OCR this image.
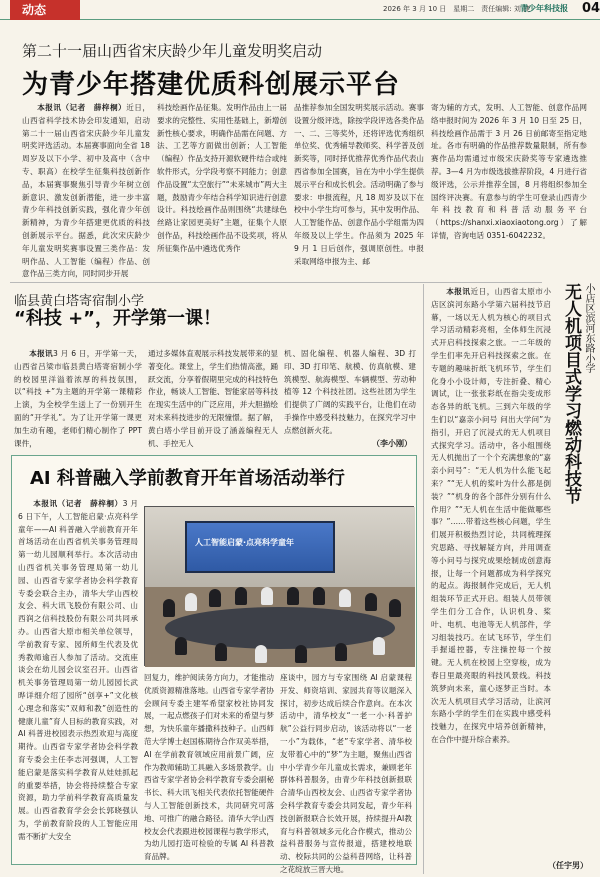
动态	2026 年 3 月 10 日　星期二　责任编辑: 刘 捷
青少年科技报 04
第二十一届山西省宋庆龄少年儿童发明奖启动
为青少年搭建优质科创展示平台

本报讯（记者　薛梓桐）近日，山西省科学技术协会印发通知，启动第二十一届山西省宋庆龄少年儿童发明奖评选活动。本届赛事面向全省 18 周岁及以下小学、初中及高中（含中专、职高）在校学生征集科技创新作品，本届赛事聚焦引导青少年树立创新意识、激发创新潜能，进一步丰富青少年科技创新实践，强化青少年创新精神，为青少年搭建更优质的科技创新展示平台。据悉，此次宋庆龄少年儿童发明奖赛事设置三类作品：发明作品、人工智能（编程）作品、创意作品三类方向，同时同步开展

科技绘画作品征集。发明作品由上一届要求的完整性、实用性基础上，新增创新性核心要求，明确作品需在问题、方法、工艺等方面做出创新；人工智能（编程）作品支持开源软硬件结合或纯软件形式，分学段考察不同能力；创意作品设置“太空旅行”“未来城市”两大主题，鼓励青少年结合科学知识进行创意设计。科技绘画作品则围绕“共建绿色丝路让家园更美好”主题，征集个人原创作品，科技绘画作品不设奖项，将从所征集作品中遴选优秀作

品推荐参加全国发明奖展示活动。赛事设置分级评选，除按学段评选各类作品一、二、三等奖外，还将评选优秀组织单位奖、优秀辅导教师奖、科学普及创新奖等，同时择优推荐优秀作品代表山西省参加全国赛，旨在为中小学生提供展示平台和成长机会。活动明确了参与要求：申报流程，凡 18 周岁及以下在校中小学生均可参与，其中发明作品、人工智能作品、创意作品小学组需为四年级及以上学生。作品须为 2025 年 9 月 1 日后创作，强调原创性。申报采取网络申报为主、邮

寄为辅的方式，发明、人工智能、创意作品网络申报时间为 2026 年 3 月 10 日至 25 日，科技绘画作品需于 3 月 26 日前邮寄至指定地址。各市有明确的作品推荐数量限制，所有参赛作品均需通过市级宋庆龄奖等专家遴选推荐。3—4 月为市级选拔推荐阶段，4 月进行省级评选，公示并推荐全国，8 月将组织参加全国终评决赛。有意参与的学生可登录山西青少年科技教育和科普活动服务平台（https://shanxi.xiaoxiaotong.org）了解详情，咨询电话 0351-6042232。

临县黄白塔寄宿制小学
“科技 +”，开学第一课！

本报讯3 月 6 日，开学第一天，山西省吕梁市临县黄白塔寄宿制小学的校园里洋溢着浓厚的科技氛围，以“科技 +”为主题的开学第一课精彩上演，为全校学生送上了一份别开生面的“开学礼”。为了让开学第一课更加生动有趣，老师们精心制作了 PPT 课件，

通过多媒体直观展示科技发展带来的显著变化。课堂上，学生们热情高涨，踊跃交流，分享着假期里完成的科技特色作业，畅谈人工智能、智能家居等科技在现实生活中的广泛应用，并大胆描绘对未来科技进步的无限憧憬。据了解，黄白塔小学目前开设了涵盖编程无人机、手控无人

机、固化编程、机器人编程、3D 打印、3D 打印笔、航模、仿真航模、建筑模型、航海模型、车辆模型、劳动种植等 12 个科技社团。这些社团为学生们提供了广阔的实践平台，让他们在动手操作中感受科技魅力，在探究学习中点燃创新火花。

（李小刚）
小店区滨河东路小学
无人机项目式学习燃动科技节

本报讯近日，山西省太原市小店区滨河东路小学第六届科技节启幕，一场以无人机为核心的项目式学习活动精彩亮相，全体师生沉浸式开启科技探索之旅。一二年级的学生们率先开启科技探索之旅。在专题的趣味折纸飞机环节，学生们化身小小设计师，专注折叠、精心调试，让一张张彩纸在指尖变成形态各异的纸飞机。三到六年级的学生们以“嘉亲小问号 问出大学问”为指引，开启了沉浸式的无人机项目式探究学习。活动中，各小组围绕无人机抛出了一个个充满想象的“嘉亲小问号”：“无人机为什么能飞起来？”“无人机的桨叶为什么都是倒装？”“机身的各个部件分别有什么作用？”“无人机在生活中能做哪些事？”……带着这些核心问题，学生们展开积极热烈讨论，共同梳理探究思路、寻找解疑方向，并用调查等小问号与探究成果绘制成创意海报，让每一个问题都成为科学探究的起点。海报制作完成后，无人机组装环节正式开启。组装人员带领学生们分工合作，认识机身、桨叶、电机、电池等无人机部件，学习组装技巧。在试飞环节，学生们手握遥控器，专注操控每一个按键。无人机在校园上空穿梭，成为春日里最亮眼的科技风景线。科技筑梦向未来，童心逐梦正当时。本次无人机项目式学习活动，让滨河东路小学的学生们在实践中感受科技魅力，在探究中培养创新精神，在合作中提升综合素养。

（任宇男）
AI 科普融入学前教育开年首场活动举行

本报讯（记者　薛梓桐）3 月 6 日下午，人工智能启蒙·点亮科学童年——AI 科普融入学前教育开年首场活动在山西省机关事务管理局第一幼儿园顺利举行。本次活动由山西省机关事务管理局第一幼儿园、山西省专家学者协会科学教育专委会联合主办，清华大学山西校友会、科大讯飞股份有限公司、山西润之信科技股份有限公司共同承办。山西省大原市相关单位领导，学前教育专家、园所师生代表及优秀教师逾百人参加了活动。交流座谈会在幼儿园会议室召开。山西省机关事务管理局第一幼儿园园长武晔详细介绍了园所“创享+”文化核心理念和落实“双师和教”创造性的健康儿童”育人目标的教育实践，对 AI 科普进校园表示热烈欢迎与高度期待。山西省专家学者协会科学教育专委会主任李志河强调，人工智能启蒙是落实科学教育从娃娃抓起的重要举措，协会将持续整合专家资源，助力学前科学教育高质量发展。山西省教育学会会长郭晓强认为，学前教育阶段的人工智能应用需不断扩大安全

人工智能启蒙·点亮科学童年

回复力，维护阅读务方向力，才能推动优质资源精准落地。山西省专家学者协会顾问专委主建军希望家校社协同发展，一起点燃孩子们对未来的希望与梦想，为快乐童年播撒科技种子。山西师范大学博士赵国栋期待合作双美举措，AI 在学前教育领域应用前景广阔，应作为教师辅助工具融入多场景教学。山西省专家学者协会科学教育专委会副秘书长、科大讯飞相关代表依托智能硬件与人工智能创新技术，共同研究可落地、可推广的融合路径。清华大学山西校友会代表跟进校园课程与教学形式，为幼儿园打造可检验的专属 AI 科普教育品牌。

座谈中，园方与专家围绕 AI 启蒙课程开发、师资培训、家园共育等议题深入探讨，初步达成后续合作意向。在本次活动中，清华校友“一老一小·科普护航”公益行同步启动，该活动将以“一老一小”为载体，“老”专家学者、清华校友带着心中的“梦”为主题，聚焦山西省中小学青少年儿童成长需求，兼顾老年群体科普服务，由青少年科技创新报联合清华山西校友会、山西省专家学者协会科学教育专委会共同发起，青少年科技创新报联合长效开展，持续提升AI教育与科普领域多元化合作模式，推动公益科普服务与宣传报道，搭建校地联动、校际共同的公益科普网络，让科普之花绽放三晋大地。
